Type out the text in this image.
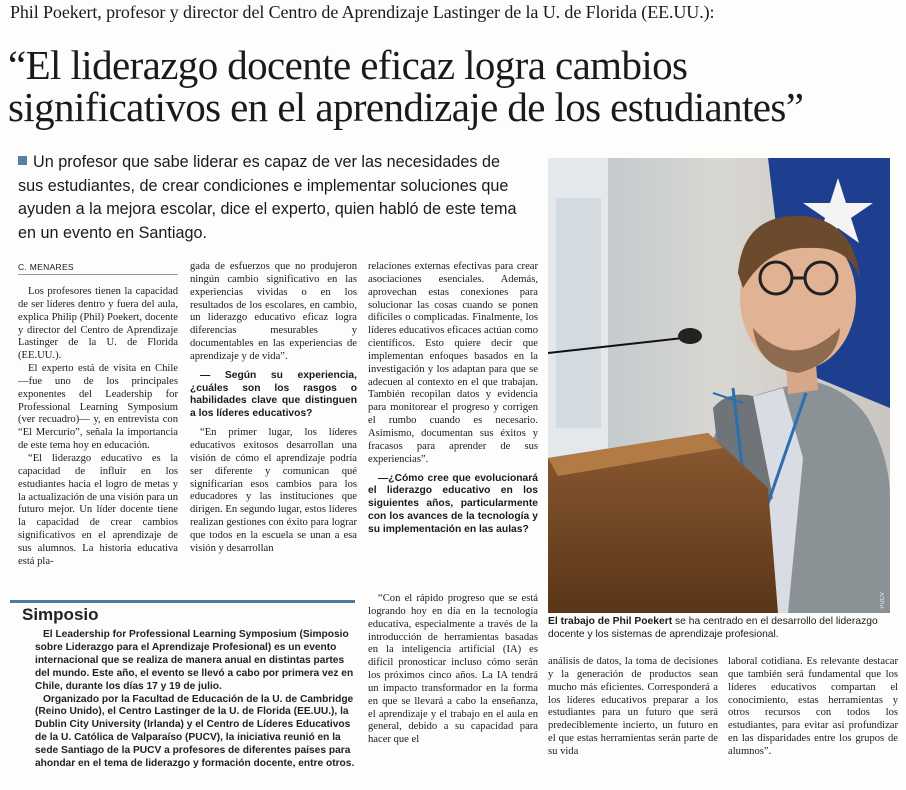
Phil Poekert, profesor y director del Centro de Aprendizaje Lastinger de la U. de Florida (EE.UU.):
“El liderazgo docente eficaz logra cambios significativos en el aprendizaje de los estudiantes”
Un profesor que sabe liderar es capaz de ver las necesidades de sus estudiantes, de crear condiciones e implementar soluciones que ayuden a la mejora escolar, dice el experto, quien habló de este tema en un evento en Santiago.
C. MENARES

Los profesores tienen la capacidad de ser líderes dentro y fuera del aula, explica Philip (Phil) Poekert, docente y director del Centro de Aprendizaje Lastinger de la U. de Florida (EE.UU.).

El experto está de visita en Chile —fue uno de los principales exponentes del Leadership for Professional Learning Symposium (ver recuadro)— y, en entrevista con “El Mercurio”, señala la importancia de este tema hoy en educación.

“El liderazgo educativo es la capacidad de influir en los estudiantes hacia el logro de metas y la actualización de una visión para un futuro mejor. Un líder docente tiene la capacidad de crear cambios significativos en el aprendizaje de sus alumnos. La historia educativa está pla-

gada de esfuerzos que no produjeron ningún cambio significativo en las experiencias vividas o en los resultados de los escolares, en cambio, un liderazgo educativo eficaz logra diferencias mesurables y documentables en las experiencias de aprendizaje y de vida”.

— Según su experiencia, ¿cuáles son los rasgos o habilidades clave que distinguen a los líderes educativos?

“En primer lugar, los líderes educativos exitosos desarrollan una visión de cómo el aprendizaje podría ser diferente y comunican qué significarían esos cambios para los educadores y las instituciones que dirigen. En segundo lugar, estos líderes realizan gestiones con éxito para lograr que todos en la escuela se unan a esa visión y desarrollan

relaciones externas efectivas para crear asociaciones esenciales. Además, aprovechan estas conexiones para solucionar las cosas cuando se ponen difíciles o complicadas. Finalmente, los líderes educativos eficaces actúan como científicos. Esto quiere decir que implementan enfoques basados en la investigación y los adaptan para que se adecuen al contexto en el que trabajan. También recopilan datos y evidencia para monitorear el progreso y corrigen el rumbo cuando es necesario. Asimismo, documentan sus éxitos y fracasos para aprender de sus experiencias”.

—¿Cómo cree que evolucionará el liderazgo educativo en los siguientes años, particularmente con los avances de la tecnología y su implementación en las aulas?

“Con el rápido progreso que se está logrando hoy en día en la tecnología educativa, especialmente a través de la introducción de herramientas basadas en la inteligencia artificial (IA) es difícil pronosticar incluso cómo serán los próximos cinco años. La IA tendrá un impacto transformador en la forma en que se llevará a cabo la enseñanza, el aprendizaje y el trabajo en el aula en general, debido a su capacidad para hacer que el

análisis de datos, la toma de decisiones y la generación de productos sean mucho más eficientes. Corresponderá a los líderes educativos preparar a los estudiantes para un futuro que será predeciblemente incierto, un futuro en el que estas herramientas serán parte de su vida

laboral cotidiana. Es relevante destacar que también será fundamental que los líderes educativos compartan el conocimiento, estas herramientas y otros recursos con todos los estudiantes, para evitar así profundizar en las disparidades entre los grupos de alumnos”.

Simposio

El Leadership for Professional Learning Symposium (Simposio sobre Liderazgo para el Aprendizaje Profesional) es un evento internacional que se realiza de manera anual en distintas partes del mundo. Este año, el evento se llevó a cabo por primera vez en Chile, durante los días 17 y 19 de julio.

Organizado por la Facultad de Educación de la U. de Cambridge (Reino Unido), el Centro Lastinger de la U. de Florida (EE.UU.), la Dublin City University (Irlanda) y el Centro de Líderes Educativos de la U. Católica de Valparaíso (PUCV), la iniciativa reunió en la sede Santiago de la PUCV a profesores de diferentes países para ahondar en el tema de liderazgo y formación docente, entre otros.

PUCV
El trabajo de Phil Poekert se ha centrado en el desarrollo del liderazgo docente y los sistemas de aprendizaje profesional.
